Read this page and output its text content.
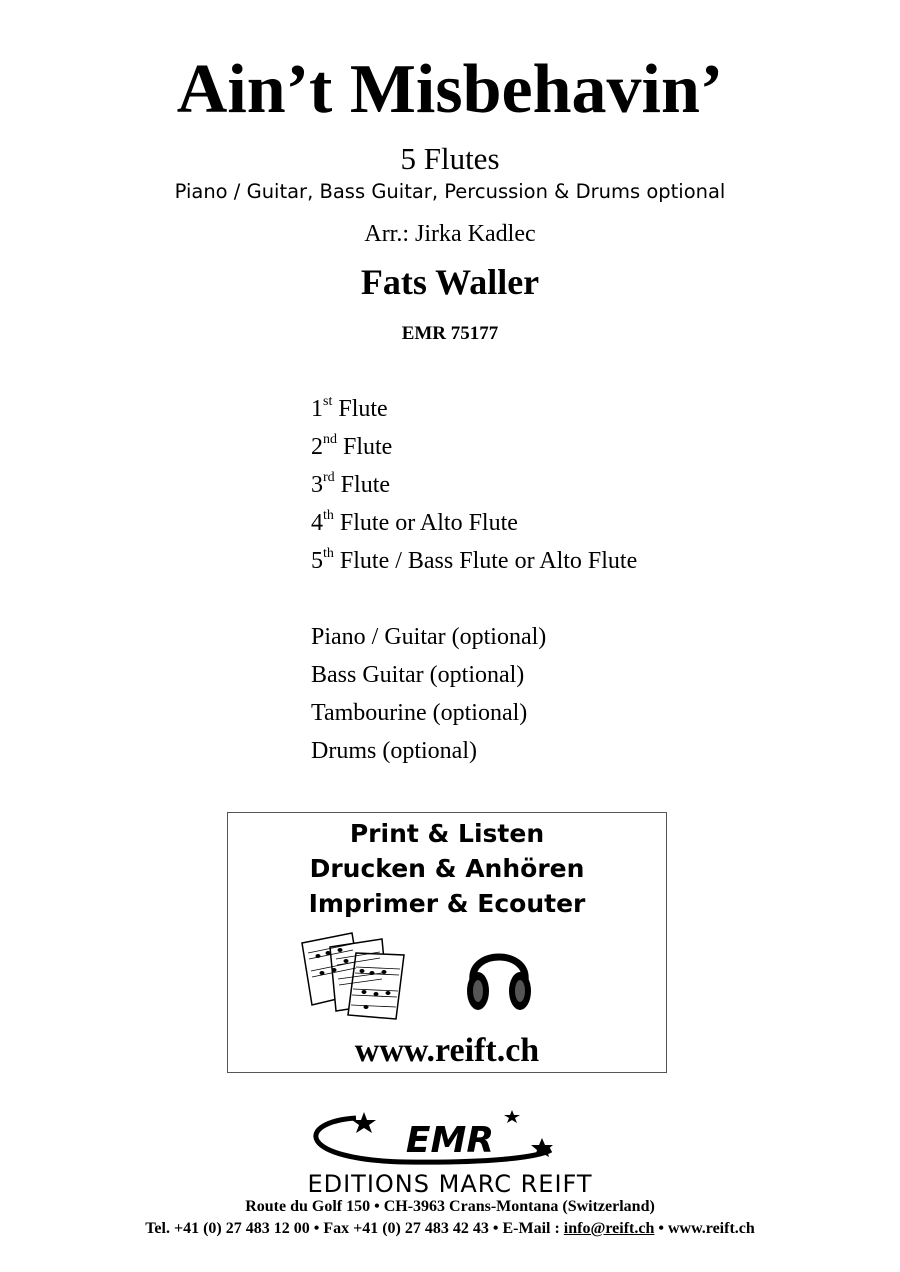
Ain’t Misbehavin’
5 Flutes
Piano / Guitar, Bass Guitar, Percussion & Drums optional
Arr.: Jirka Kadlec
Fats Waller
EMR 75177
1st Flute
2nd Flute
3rd Flute
4th Flute or Alto Flute
5th Flute / Bass Flute or Alto Flute
Piano / Guitar (optional)
Bass Guitar (optional)
Tambourine (optional)
Drums (optional)
Print & Listen
Drucken & Anhören
Imprimer & Ecouter
www.reift.ch
EMR
EDITIONS MARC REIFT
Route du Golf 150 • CH-3963 Crans-Montana (Switzerland)
Tel. +41 (0) 27 483 12 00 • Fax +41 (0) 27 483 42 43 • E-Mail : info@reift.ch • www.reift.ch
